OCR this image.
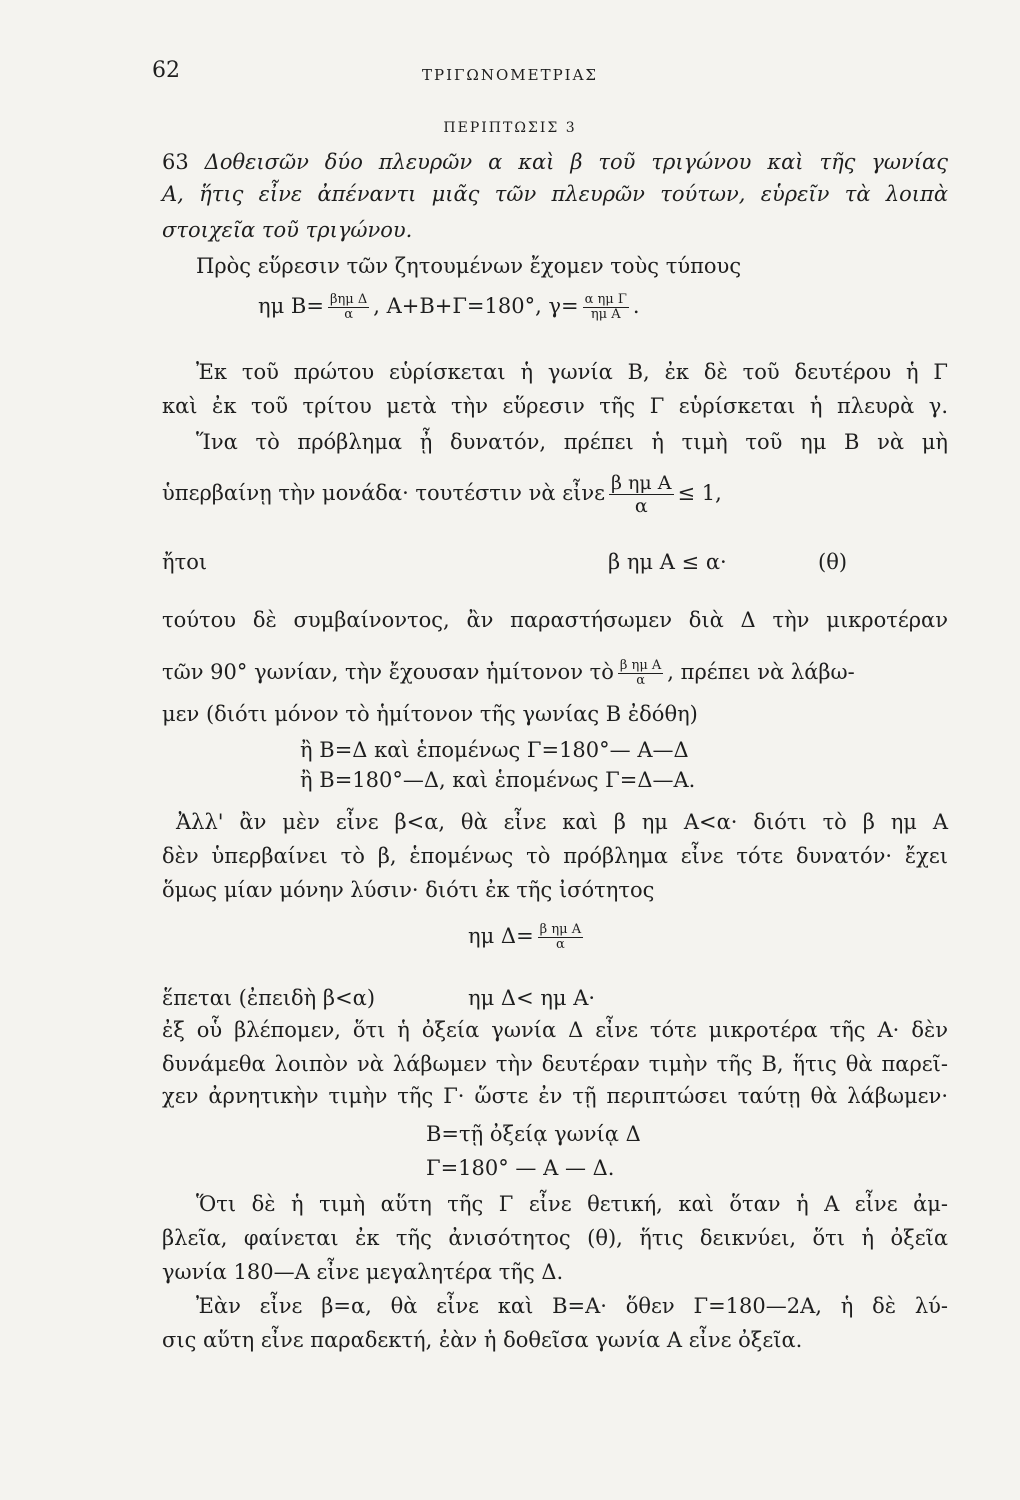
62	ΤΡΙΓΩΝΟΜΕΤΡΙΑΣ
ΠΕΡΙΠΤΩΣΙΣ 3
63 Δοθεισῶν δύο πλευρῶν α καὶ β τοῦ τριγώνου καὶ τῆς γωνίας
Α, ἥτις εἶνε ἀπέναντι μιᾶς τῶν πλευρῶν τούτων, εὑρεῖν τὰ λοιπὰ
στοιχεῖα τοῦ τριγώνου.
Πρὸς εὕρεσιν τῶν ζητουμένων ἔχομεν τοὺς τύπους
ημ $B= \frac{\text{βημ Δ}}{\alpha}$ , Α+Β+Γ=180°, $\gamma= \frac{\text{α ημ Γ}}{\text{ημ Α}}$ .
Ἐκ τοῦ πρώτου εὑρίσκεται ἡ γωνία Β, ἐκ δὲ τοῦ δευτέρου ἡ Γ
καὶ ἐκ τοῦ τρίτου μετὰ τὴν εὕρεσιν τῆς Γ εὑρίσκεται ἡ πλευρὰ γ.
Ἵνα τὸ πρόβλημα ᾖ δυνατόν, πρέπει ἡ τιμὴ τοῦ ημ Β νὰ μὴ
ὑπερβαίνῃ τὴν μονάδα· τουτέστιν νὰ εἶνε $\frac{\text{β ημ Α}}{\alpha} \le 1$,
ἤτοι	β ημ Α ≤ α·	(θ)
τούτου δὲ συμβαίνοντος, ἂν παραστήσωμεν διὰ Δ τὴν μικροτέραν
τῶν 90° γωνίαν, τὴν ἔχουσαν ἡμίτονον τὸ $\frac{\text{β ημ Α}}{\alpha}$ , πρέπει νὰ λάβω-
μεν (διότι μόνον τὸ ἡμίτονον τῆς γωνίας Β ἐδόθη)
ἢ Β=Δ καὶ ἑπομένως Γ=180°— Α—Δ
ἢ Β=180°—Δ, καὶ ἑπομένως Γ=Δ—Α.
Ἀλλ' ἂν μὲν εἶνε β<α, θὰ εἶνε καὶ β ημ Α<α· διότι τὸ β ημ Α
δὲν ὑπερβαίνει τὸ β, ἑπομένως τὸ πρόβλημα εἶνε τότε δυνατόν· ἔχει
ὅμως μίαν μόνην λύσιν· διότι ἐκ τῆς ἰσότητος
ημ $\Delta= \frac{\text{β ημ Α}}{\alpha}$
ἕπεται (ἐπειδὴ β<α)	ημ Δ< ημ Α·
ἐξ οὗ βλέπομεν, ὅτι ἡ ὀξεία γωνία Δ εἶνε τότε μικροτέρα τῆς Α· δὲν
δυνάμεθα λοιπὸν νὰ λάβωμεν τὴν δευτέραν τιμὴν τῆς Β, ἥτις θὰ παρεῖ-
χεν ἀρνητικὴν τιμὴν τῆς Γ· ὥστε ἐν τῇ περιπτώσει ταύτῃ θὰ λάβωμεν·
Β=τῇ ὀξείᾳ γωνίᾳ Δ
Γ=180° — Α — Δ.
Ὅτι δὲ ἡ τιμὴ αὕτη τῆς Γ εἶνε θετική, καὶ ὅταν ἡ Α εἶνε ἀμ-
βλεῖα, φαίνεται ἐκ τῆς ἀνισότητος (θ), ἥτις δεικνύει, ὅτι ἡ ὀξεῖα
γωνία 180—Α εἶνε μεγαλητέρα τῆς Δ.
Ἐὰν εἶνε β=α, θὰ εἶνε καὶ Β=Α· ὅθεν Γ=180—2Α, ἡ δὲ λύ-
σις αὕτη εἶνε παραδεκτή, ἐὰν ἡ δοθεῖσα γωνία Α εἶνε ὀξεῖα.
